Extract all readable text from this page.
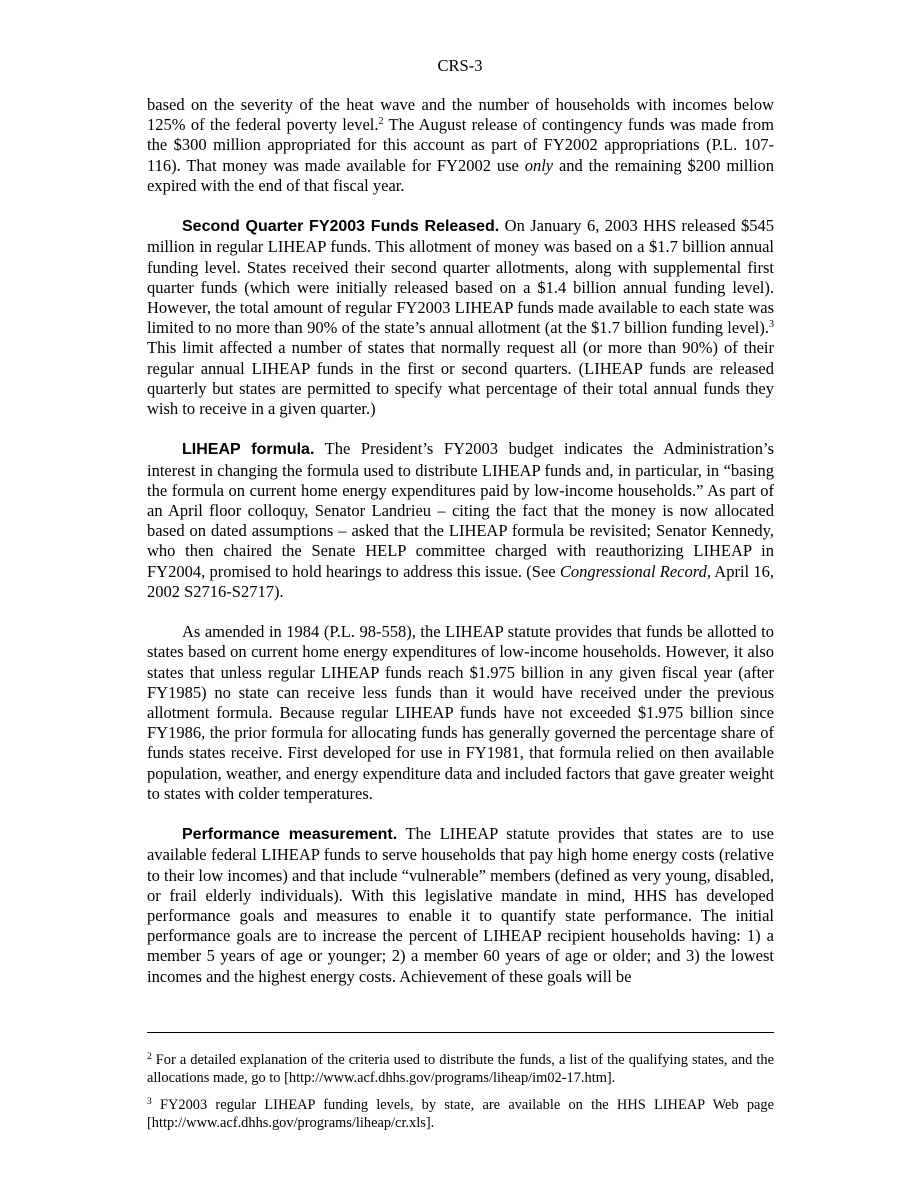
CRS-3

based on the severity of the heat wave and the number of households with incomes below 125% of the federal poverty level.$^2$ The August release of contingency funds was made from the $300 million appropriated for this account as part of FY2002 appropriations (P.L. 107-116). That money was made available for FY2002 use only and the remaining $200 million expired with the end of that fiscal year.

Second Quarter FY2003 Funds Released. On January 6, 2003 HHS released $545 million in regular LIHEAP funds. This allotment of money was based on a $1.7 billion annual funding level. States received their second quarter allotments, along with supplemental first quarter funds (which were initially released based on a $1.4 billion annual funding level). However, the total amount of regular FY2003 LIHEAP funds made available to each state was limited to no more than 90% of the state’s annual allotment (at the $1.7 billion funding level).$^3$ This limit affected a number of states that normally request all (or more than 90%) of their regular annual LIHEAP funds in the first or second quarters. (LIHEAP funds are released quarterly but states are permitted to specify what percentage of their total annual funds they wish to receive in a given quarter.)

LIHEAP formula. The President’s FY2003 budget indicates the Administration’s interest in changing the formula used to distribute LIHEAP funds and, in particular, in “basing the formula on current home energy expenditures paid by low-income households.” As part of an April floor colloquy, Senator Landrieu – citing the fact that the money is now allocated based on dated assumptions – asked that the LIHEAP formula be revisited; Senator Kennedy, who then chaired the Senate HELP committee charged with reauthorizing LIHEAP in FY2004, promised to hold hearings to address this issue. (See Congressional Record, April 16, 2002 S2716-S2717).

As amended in 1984 (P.L. 98-558), the LIHEAP statute provides that funds be allotted to states based on current home energy expenditures of low-income households. However, it also states that unless regular LIHEAP funds reach $1.975 billion in any given fiscal year (after FY1985) no state can receive less funds than it would have received under the previous allotment formula. Because regular LIHEAP funds have not exceeded $1.975 billion since FY1986, the prior formula for allocating funds has generally governed the percentage share of funds states receive. First developed for use in FY1981, that formula relied on then available population, weather, and energy expenditure data and included factors that gave greater weight to states with colder temperatures.

Performance measurement. The LIHEAP statute provides that states are to use available federal LIHEAP funds to serve households that pay high home energy costs (relative to their low incomes) and that include “vulnerable” members (defined as very young, disabled, or frail elderly individuals). With this legislative mandate in mind, HHS has developed performance goals and measures to enable it to quantify state performance. The initial performance goals are to increase the percent of LIHEAP recipient households having: 1) a member 5 years of age or younger; 2) a member 60 years of age or older; and 3) the lowest incomes and the highest energy costs. Achievement of these goals will be

$^2$ For a detailed explanation of the criteria used to distribute the funds, a list of the qualifying states, and the allocations made, go to [http://www.acf.dhhs.gov/programs/liheap/im02-17.htm].

$^3$ FY2003 regular LIHEAP funding levels, by state, are available on the HHS LIHEAP Web page [http://www.acf.dhhs.gov/programs/liheap/cr.xls].
